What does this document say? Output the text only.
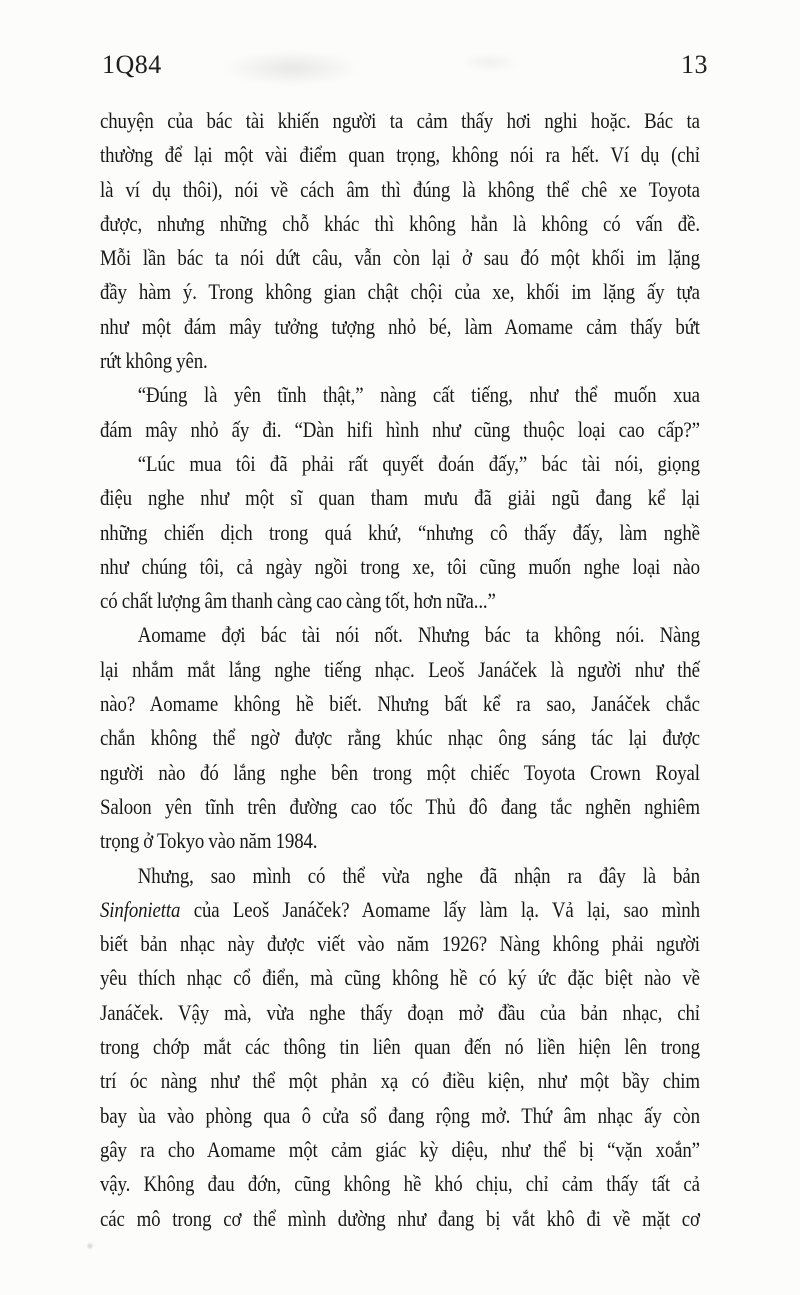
1Q84	13
chuyện của bác tài khiến người ta cảm thấy hơi nghi hoặc. Bác ta
thường để lại một vài điểm quan trọng, không nói ra hết. Ví dụ (chỉ
là ví dụ thôi), nói về cách âm thì đúng là không thể chê xe Toyota
được, nhưng những chỗ khác thì không hẳn là không có vấn đề.
Mỗi lần bác ta nói dứt câu, vẫn còn lại ở sau đó một khối im lặng
đầy hàm ý. Trong không gian chật chội của xe, khối im lặng ấy tựa
như một đám mây tưởng tượng nhỏ bé, làm Aomame cảm thấy bứt
rứt không yên.
“Đúng là yên tĩnh thật,” nàng cất tiếng, như thể muốn xua
đám mây nhỏ ấy đi. “Dàn hifi hình như cũng thuộc loại cao cấp?”
“Lúc mua tôi đã phải rất quyết đoán đấy,” bác tài nói, giọng
điệu nghe như một sĩ quan tham mưu đã giải ngũ đang kể lại
những chiến dịch trong quá khứ, “nhưng cô thấy đấy, làm nghề
như chúng tôi, cả ngày ngồi trong xe, tôi cũng muốn nghe loại nào
có chất lượng âm thanh càng cao càng tốt, hơn nữa...”
Aomame đợi bác tài nói nốt. Nhưng bác ta không nói. Nàng
lại nhắm mắt lắng nghe tiếng nhạc. Leoš Janáček là người như thế
nào? Aomame không hề biết. Nhưng bất kể ra sao, Janáček chắc
chắn không thể ngờ được rằng khúc nhạc ông sáng tác lại được
người nào đó lắng nghe bên trong một chiếc Toyota Crown Royal
Saloon yên tĩnh trên đường cao tốc Thủ đô đang tắc nghẽn nghiêm
trọng ở Tokyo vào năm 1984.
Nhưng, sao mình có thể vừa nghe đã nhận ra đây là bản
Sinfonietta của Leoš Janáček? Aomame lấy làm lạ. Vả lại, sao mình
biết bản nhạc này được viết vào năm 1926? Nàng không phải người
yêu thích nhạc cổ điển, mà cũng không hề có ký ức đặc biệt nào về
Janáček. Vậy mà, vừa nghe thấy đoạn mở đầu của bản nhạc, chỉ
trong chớp mắt các thông tin liên quan đến nó liền hiện lên trong
trí óc nàng như thể một phản xạ có điều kiện, như một bầy chim
bay ùa vào phòng qua ô cửa sổ đang rộng mở. Thứ âm nhạc ấy còn
gây ra cho Aomame một cảm giác kỳ diệu, như thể bị “vặn xoắn”
vậy. Không đau đớn, cũng không hề khó chịu, chỉ cảm thấy tất cả
các mô trong cơ thể mình dường như đang bị vắt khô đi về mặt cơ
